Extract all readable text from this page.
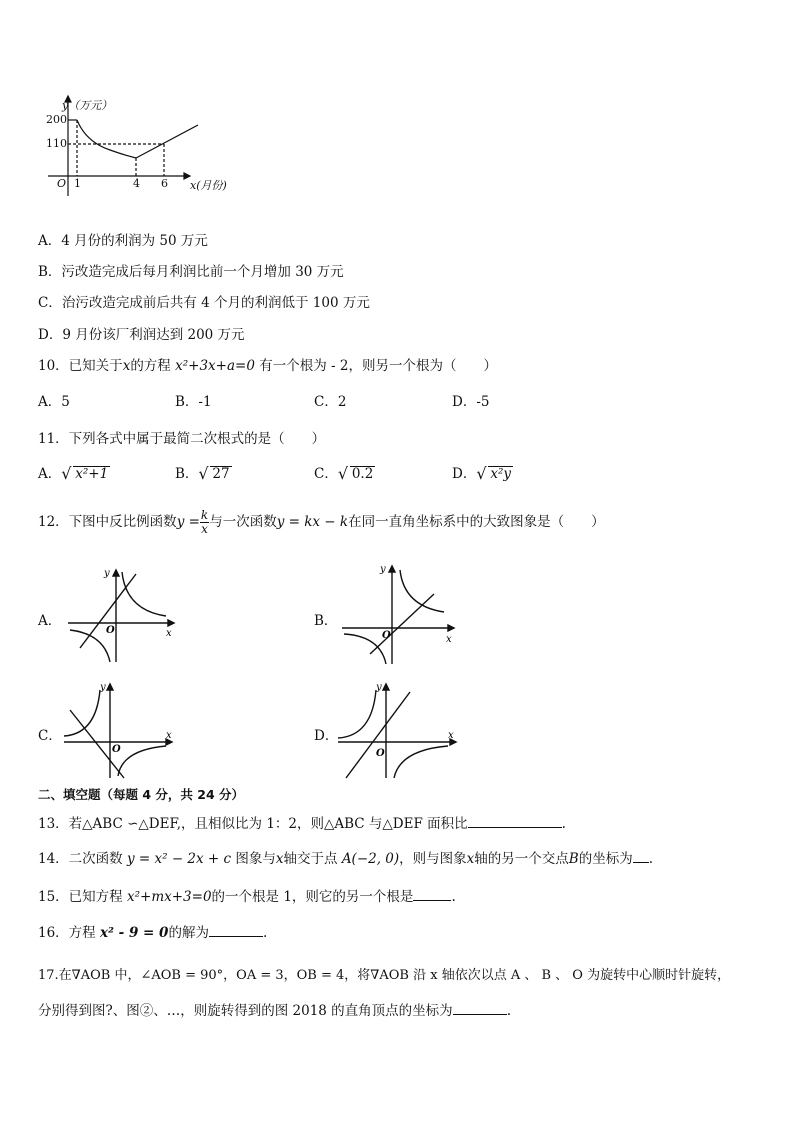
y（万元）
200
110
O 1	4 6 x(月份)
A．4 月份的利润为 50 万元
B．污改造完成后每月利润比前一个月增加 30 万元
C．治污改造完成前后共有 4 个月的利润低于 100 万元
D．9 月份该厂利润达到 200 万元
10．已知关于x的方程 x²+3x+a=0 有一个根为 - 2，则另一个根为（　　）
A．5	B．-1	C．2	D．-5
11．下列各式中属于最简二次根式的是（　　）
A． √ x²+1	B． √ 27	C． √ 0.2	D． √ x²y
12．下图中反比例函数$y = \frac{k}{x}$ 与一次函数y = kx − k在同一直角坐标系中的大致图象是（　　）
A．
x
y
O
B．
x
y
O
C．	x
y
O
D．	x
y
O
二、填空题（每题 4 分，共 24 分）
13．若△ABC ∽△DEF,，且相似比为 1：2，则△ABC 与△DEF 面积比	.
14．二次函数 y = x² − 2x + c 图象与x轴交于点 A(−2, 0)，则与图象x轴的另一个交点B的坐标为 .
15．已知方程 x²+mx+3=0的一个根是 1，则它的另一个根是	.
16．方程 x² - 9 = 0的解为	.
17.在∇AOB 中，∠AOB = 90°，OA = 3，OB = 4，将∇AOB 沿 x 轴依次以点 A 、 B 、 O 为旋转中心顺时针旋转，
分别得到图?、图②、…，则旋转得到的图 2018 的直角顶点的坐标为	.
